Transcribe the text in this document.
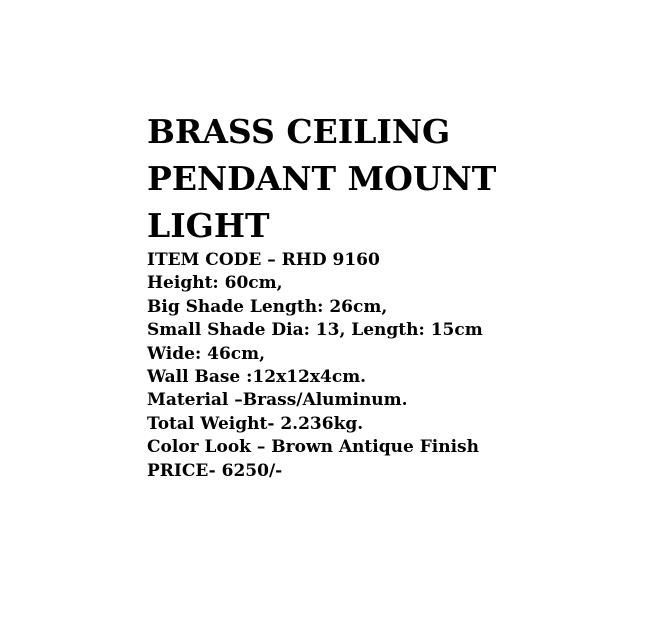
BRASS CEILING
PENDANT MOUNT
LIGHT
ITEM CODE – RHD 9160
Height: 60cm,
Big Shade Length: 26cm,
Small Shade Dia: 13, Length: 15cm
Wide: 46cm,
Wall Base :12x12x4cm.
Material –Brass/Aluminum.
Total Weight- 2.236kg.
Color Look – Brown Antique Finish
PRICE- 6250/-
